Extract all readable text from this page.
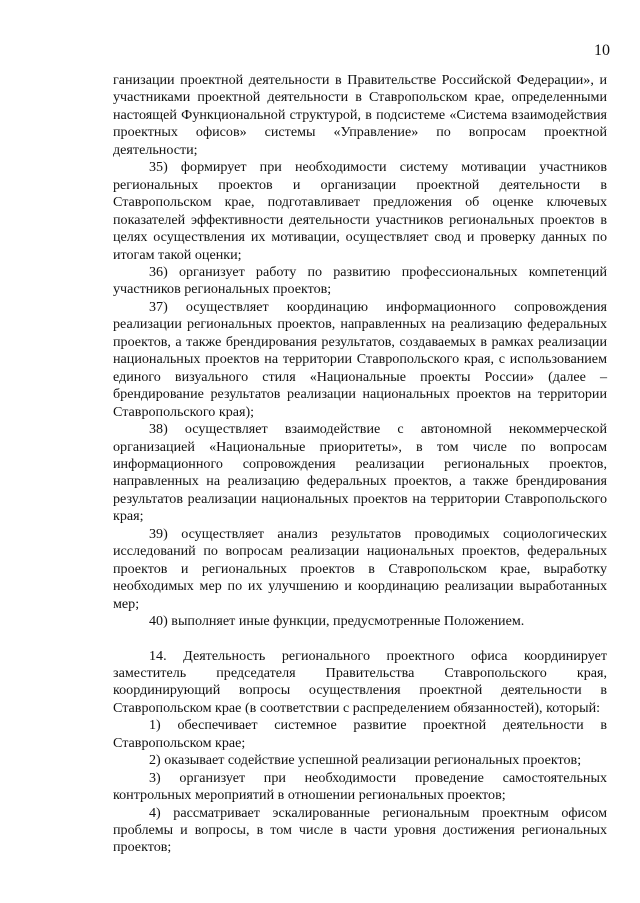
10

ганизации проектной деятельности в Правительстве Российской Федерации», и участниками проектной деятельности в Ставропольском крае, определенными настоящей Функциональной структурой, в подсистеме «Система взаимодействия проектных офисов» системы «Управление» по вопросам проектной деятельности;

35) формирует при необходимости систему мотивации участников региональных проектов и организации проектной деятельности в Ставропольском крае, подготавливает предложения об оценке ключевых показателей эффективности деятельности участников региональных проектов в целях осуществления их мотивации, осуществляет свод и проверку данных по итогам такой оценки;

36) организует работу по развитию профессиональных компетенций участников региональных проектов;

37) осуществляет координацию информационного сопровождения реализации региональных проектов, направленных на реализацию федеральных проектов, а также брендирования результатов, создаваемых в рамках реализации национальных проектов на территории Ставропольского края, с использованием единого визуального стиля «Национальные проекты России» (далее – брендирование результатов реализации национальных проектов на территории Ставропольского края);

38) осуществляет взаимодействие с автономной некоммерческой организацией «Национальные приоритеты», в том числе по вопросам информационного сопровождения реализации региональных проектов, направленных на реализацию федеральных проектов, а также брендирования результатов реализации национальных проектов на территории Ставропольского края;

39) осуществляет анализ результатов проводимых социологических исследований по вопросам реализации национальных проектов, федеральных проектов и региональных проектов в Ставропольском крае, выработку необходимых мер по их улучшению и координацию реализации выработанных мер;

40) выполняет иные функции, предусмотренные Положением.

14. Деятельность регионального проектного офиса координирует заместитель председателя Правительства Ставропольского края, координирующий вопросы осуществления проектной деятельности в Ставропольском крае (в соответствии с распределением обязанностей), который:

1) обеспечивает системное развитие проектной деятельности в Ставропольском крае;

2) оказывает содействие успешной реализации региональных проектов;

3) организует при необходимости проведение самостоятельных контрольных мероприятий в отношении региональных проектов;

4) рассматривает эскалированные региональным проектным офисом проблемы и вопросы, в том числе в части уровня достижения региональных проектов;
